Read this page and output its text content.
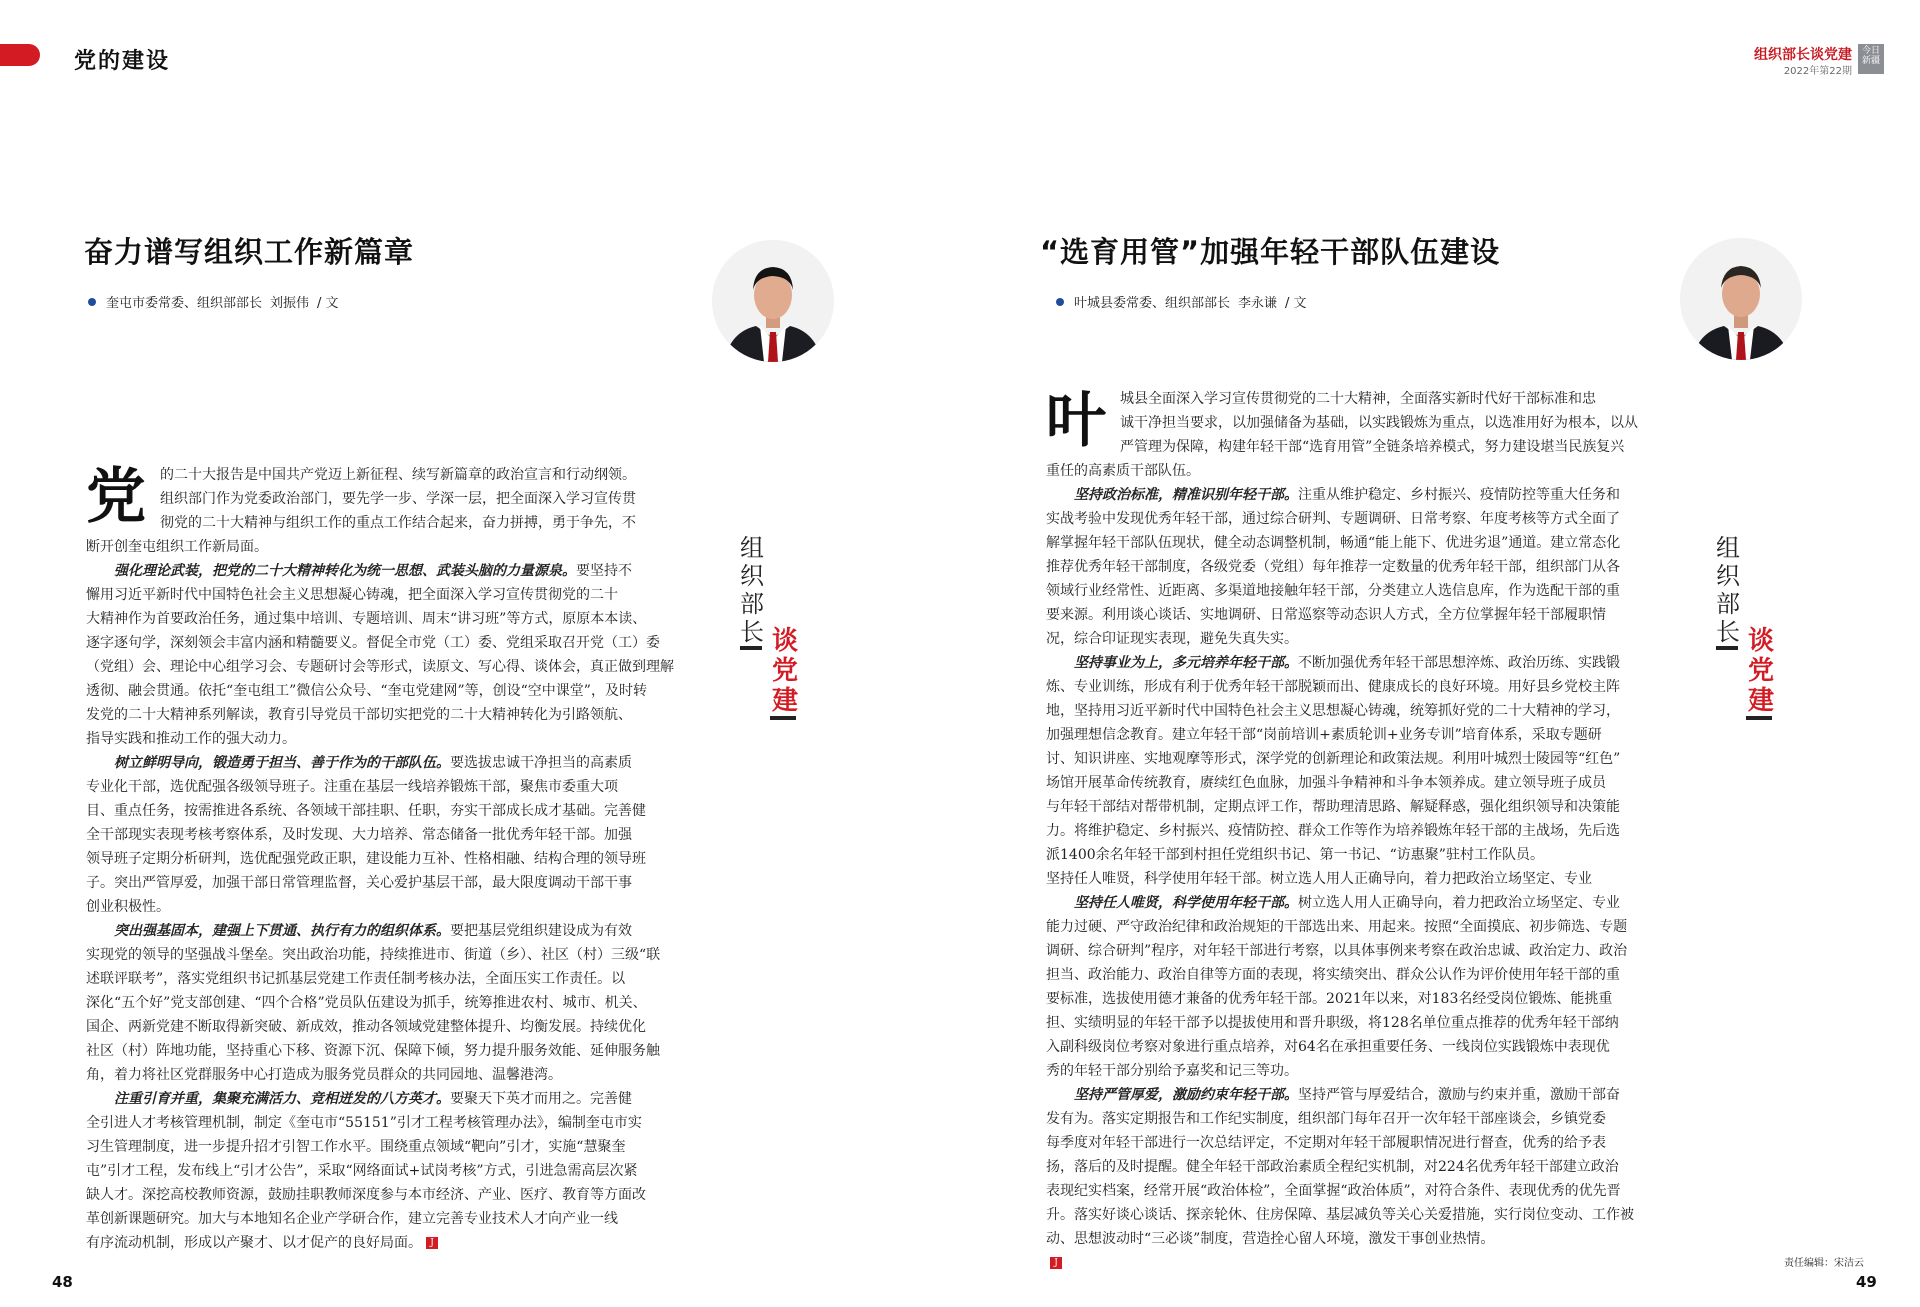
党的建设	组织部长谈党建
2022年第22期
今日 新疆
奋力谱写组织工作新篇章
奎屯市委常委、组织部部长 刘振伟 / 文
党 的二十大报告是中国共产党迈上新征程、续写新篇章的政治宣言和行动纲领。
组织部门作为党委政治部门，要先学一步、学深一层，把全面深入学习宣传贯
彻党的二十大精神与组织工作的重点工作结合起来，奋力拼搏，勇于争先，不
断开创奎屯组织工作新局面。
强化理论武装，把党的二十大精神转化为统一思想、武装头脑的力量源泉。要坚持不
懈用习近平新时代中国特色社会主义思想凝心铸魂，把全面深入学习宣传贯彻党的二十
大精神作为首要政治任务，通过集中培训、专题培训、周末“讲习班”等方式，原原本本读、
逐字逐句学，深刻领会丰富内涵和精髓要义。督促全市党（工）委、党组采取召开党（工）委
（党组）会、理论中心组学习会、专题研讨会等形式，读原文、写心得、谈体会，真正做到理解
透彻、融会贯通。依托“奎屯组工”微信公众号、“奎屯党建网”等，创设“空中课堂”，及时转
发党的二十大精神系列解读，教育引导党员干部切实把党的二十大精神转化为引路领航、
指导实践和推动工作的强大动力。
树立鲜明导向，锻造勇于担当、善于作为的干部队伍。要选拔忠诚干净担当的高素质
专业化干部，选优配强各级领导班子。注重在基层一线培养锻炼干部，聚焦市委重大项
目、重点任务，按需推进各系统、各领域干部挂职、任职，夯实干部成长成才基础。完善健
全干部现实表现考核考察体系，及时发现、大力培养、常态储备一批优秀年轻干部。加强
领导班子定期分析研判，选优配强党政正职，建设能力互补、性格相融、结构合理的领导班
子。突出严管厚爱，加强干部日常管理监督，关心爱护基层干部，最大限度调动干部干事
创业积极性。
突出强基固本，建强上下贯通、执行有力的组织体系。要把基层党组织建设成为有效
实现党的领导的坚强战斗堡垒。突出政治功能，持续推进市、街道（乡）、社区（村）三级“联
述联评联考”，落实党组织书记抓基层党建工作责任制考核办法，全面压实工作责任。以
深化“五个好”党支部创建、“四个合格”党员队伍建设为抓手，统筹推进农村、城市、机关、
国企、两新党建不断取得新突破、新成效，推动各领域党建整体提升、均衡发展。持续优化
社区（村）阵地功能，坚持重心下移、资源下沉、保障下倾，努力提升服务效能、延伸服务触
角，着力将社区党群服务中心打造成为服务党员群众的共同园地、温馨港湾。
注重引育并重，集聚充满活力、竞相迸发的八方英才。要聚天下英才而用之。完善健
全引进人才考核管理机制，制定《奎屯市“55151”引才工程考核管理办法》，编制奎屯市实
习生管理制度，进一步提升招才引智工作水平。围绕重点领域“靶向”引才，实施“慧聚奎
屯”引才工程，发布线上“引才公告”，采取“网络面试+试岗考核”方式，引进急需高层次紧
缺人才。深挖高校教师资源，鼓励挂职教师深度参与本市经济、产业、医疗、教育等方面改
革创新课题研究。加大与本地知名企业产学研合作，建立完善专业技术人才向产业一线
有序流动机制，形成以产聚才、以才促产的良好局面。 J
组
织
部
长 谈
党
建
“选育用管”加强年轻干部队伍建设
叶城县委常委、组织部部长 李永谦 / 文
叶 城县全面深入学习宣传贯彻党的二十大精神，全面落实新时代好干部标准和忠
诚干净担当要求，以加强储备为基础，以实践锻炼为重点，以选准用好为根本，以从
严管理为保障，构建年轻干部“选育用管”全链条培养模式，努力建设堪当民族复兴
重任的高素质干部队伍。
坚持政治标准，精准识别年轻干部。注重从维护稳定、乡村振兴、疫情防控等重大任务和
实战考验中发现优秀年轻干部，通过综合研判、专题调研、日常考察、年度考核等方式全面了
解掌握年轻干部队伍现状，健全动态调整机制，畅通“能上能下、优进劣退”通道。建立常态化
推荐优秀年轻干部制度，各级党委（党组）每年推荐一定数量的优秀年轻干部，组织部门从各
领域行业经常性、近距离、多渠道地接触年轻干部，分类建立人选信息库，作为选配干部的重
要来源。利用谈心谈话、实地调研、日常巡察等动态识人方式，全方位掌握年轻干部履职情
况，综合印证现实表现，避免失真失实。
坚持事业为上，多元培养年轻干部。不断加强优秀年轻干部思想淬炼、政治历练、实践锻
炼、专业训练，形成有利于优秀年轻干部脱颖而出、健康成长的良好环境。用好县乡党校主阵
地，坚持用习近平新时代中国特色社会主义思想凝心铸魂，统筹抓好党的二十大精神的学习，
加强理想信念教育。建立年轻干部“岗前培训+素质轮训+业务专训”培育体系，采取专题研
讨、知识讲座、实地观摩等形式，深学党的创新理论和政策法规。利用叶城烈士陵园等“红色”
场馆开展革命传统教育，赓续红色血脉，加强斗争精神和斗争本领养成。建立领导班子成员
与年轻干部结对帮带机制，定期点评工作，帮助理清思路、解疑释惑，强化组织领导和决策能
力。将维护稳定、乡村振兴、疫情防控、群众工作等作为培养锻炼年轻干部的主战场，先后选
派1400余名年轻干部到村担任党组织书记、第一书记、“访惠聚”驻村工作队员。
坚持任人唯贤，科学使用年轻干部。树立选人用人正确导向，着力把政治立场坚定、专业
坚持任人唯贤，科学使用年轻干部。树立选人用人正确导向，着力把政治立场坚定、专业
能力过硬、严守政治纪律和政治规矩的干部选出来、用起来。按照“全面摸底、初步筛选、专题
调研、综合研判”程序，对年轻干部进行考察，以具体事例来考察在政治忠诚、政治定力、政治
担当、政治能力、政治自律等方面的表现，将实绩突出、群众公认作为评价使用年轻干部的重
要标准，选拔使用德才兼备的优秀年轻干部。2021年以来，对183名经受岗位锻炼、能挑重
担、实绩明显的年轻干部予以提拔使用和晋升职级，将128名单位重点推荐的优秀年轻干部纳
入副科级岗位考察对象进行重点培养，对64名在承担重要任务、一线岗位实践锻炼中表现优
秀的年轻干部分别给予嘉奖和记三等功。
坚持严管厚爱，激励约束年轻干部。坚持严管与厚爱结合，激励与约束并重，激励干部奋
发有为。落实定期报告和工作纪实制度，组织部门每年召开一次年轻干部座谈会，乡镇党委
每季度对年轻干部进行一次总结评定，不定期对年轻干部履职情况进行督查，优秀的给予表
扬，落后的及时提醒。健全年轻干部政治素质全程纪实机制，对224名优秀年轻干部建立政治
表现纪实档案，经常开展“政治体检”，全面掌握“政治体质”，对符合条件、表现优秀的优先晋
升。落实好谈心谈话、探亲轮休、住房保障、基层减负等关心关爱措施，实行岗位变动、工作被
动、思想波动时“三必谈”制度，营造拴心留人环境，激发干事创业热情。
J
组
织
部
长 谈
党
建
48	49
责任编辑：宋洁云
